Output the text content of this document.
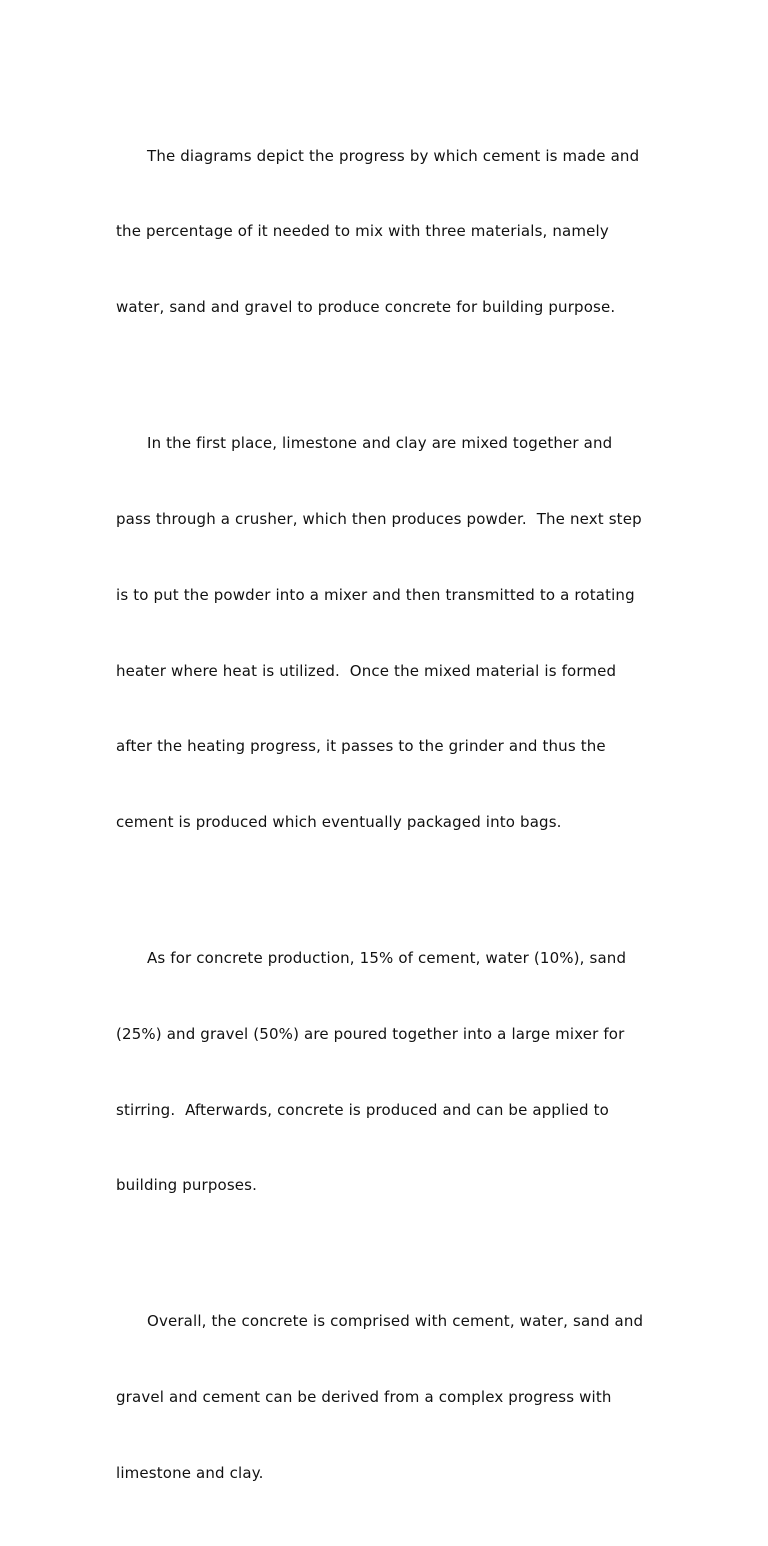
The diagrams depict the progress by which cement is made and

the percentage of it needed to mix with three materials, namely

water, sand and gravel to produce concrete for building purpose.

In the first place, limestone and clay are mixed together and

pass through a crusher, which then produces powder.  The next step

is to put the powder into a mixer and then transmitted to a rotating

heater where heat is utilized.  Once the mixed material is formed

after the heating progress, it passes to the grinder and thus the

cement is produced which eventually packaged into bags.

As for concrete production, 15% of cement, water (10%), sand

(25%) and gravel (50%) are poured together into a large mixer for

stirring.  Afterwards, concrete is produced and can be applied to

building purposes.

Overall, the concrete is comprised with cement, water, sand and

gravel and cement can be derived from a complex progress with

limestone and clay.
